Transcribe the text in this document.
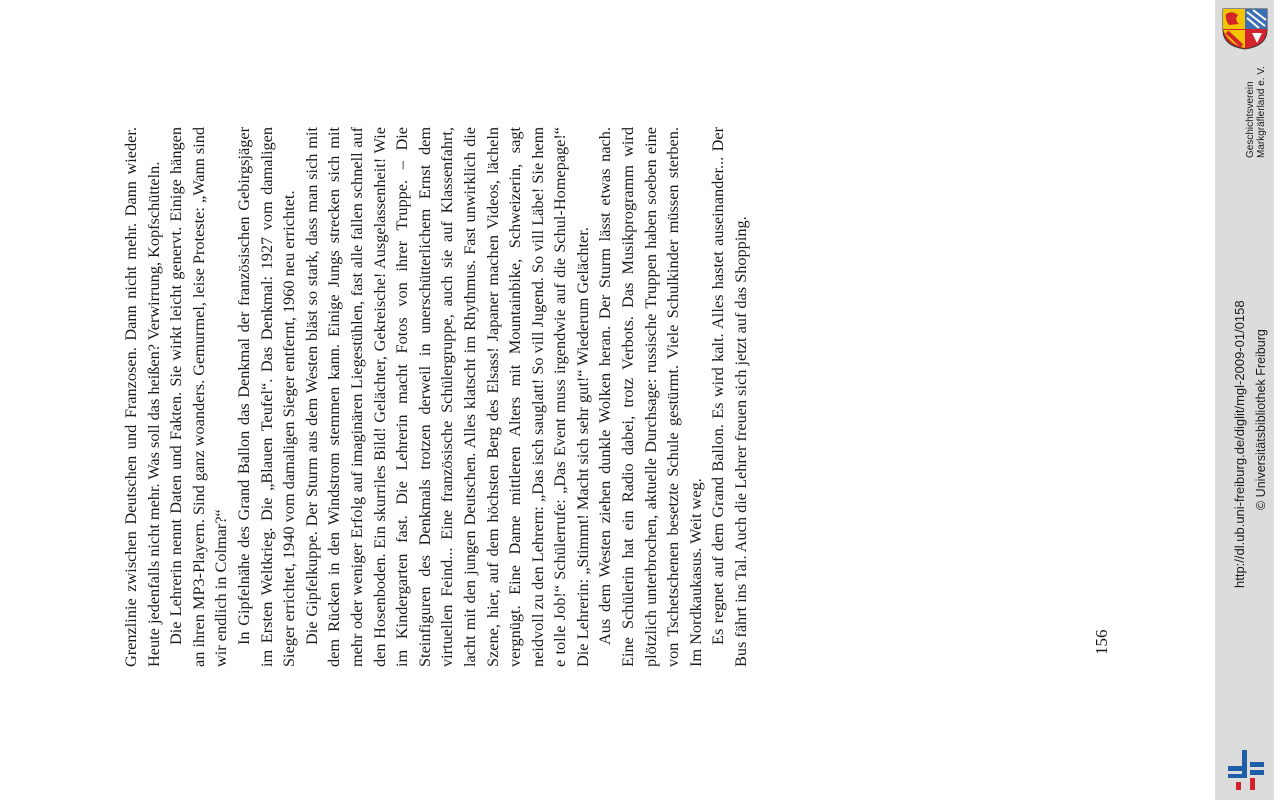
Grenzlinie zwischen Deutschen und Franzosen. Dann nicht mehr. Dann wieder. Heute jedenfalls nicht mehr. Was soll das heißen? Verwirrung, Kopfschütteln. Die Lehrerin nennt Daten und Fakten. Sie wirkt leicht genervt. Einige hängen an ihren MP3-Playern. Sind ganz woanders. Gemurmel, leise Proteste: „Wann sind wir endlich in Colmar?“ In Gipfelnähe des Grand Ballon das Denkmal der französischen Gebirgsjäger im Ersten Weltkrieg. Die „Blauen Teufel“. Das Denkmal: 1927 vom damaligen Sieger errichtet, 1940 vom damaligen Sieger entfernt, 1960 neu errichtet. Die Gipfelkuppe. Der Sturm aus dem Westen bläst so stark, dass man sich mit dem Rücken in den Windstrom stemmen kann. Einige Jungs strecken sich mit mehr oder weniger Erfolg auf imaginären Liegestühlen, fast alle fallen schnell auf den Hosenboden. Ein skurriles Bild! Gelächter, Gekreische! Ausgelassenheit! Wie im Kindergarten fast. Die Lehrerin macht Fotos von ihrer Truppe. – Die Steinfiguren des Denkmals trotzen derweil in unerschütterlichem Ernst dem virtuellen Feind... Eine französische Schülergruppe, auch sie auf Klassenfahrt, lacht mit den jungen Deutschen. Alles klatscht im Rhythmus. Fast unwirklich die Szene, hier, auf dem höchsten Berg des Elsass! Japaner machen Videos, lächeln vergnügt. Eine Dame mittleren Alters mit Mountainbike, Schweizerin, sagt neidvoll zu den Lehrern: „Das isch sauglatt! So vill Jugend. So vill Läbe! Sie henn e tolle Job!“ Schülerrufe: „Das Event muss irgendwie auf die Schul-Homepage!“ Die Lehrerin: „Stimmt! Macht sich sehr gut!“ Wiederum Gelächter. Aus dem Westen ziehen dunkle Wolken heran. Der Sturm lässt etwas nach. Eine Schülerin hat ein Radio dabei, trotz Verbots. Das Musikprogramm wird plötzlich unterbrochen, aktuelle Durchsage: russische Truppen haben soeben eine von Tschetschenen besetzte Schule gestürmt. Viele Schulkinder müssen sterben. Im Nordkaukasus. Weit weg. Es regnet auf dem Grand Ballon. Es wird kalt. Alles hastet auseinander... Der Bus fährt ins Tal. Auch die Lehrer freuen sich jetzt auf das Shopping.	156
Geschichtsverein Markgräflerland e. V.
http://dl.ub.uni-freiburg.de/diglit/mgl-2009-01/0158 © Universitätsbibliothek Freiburg
